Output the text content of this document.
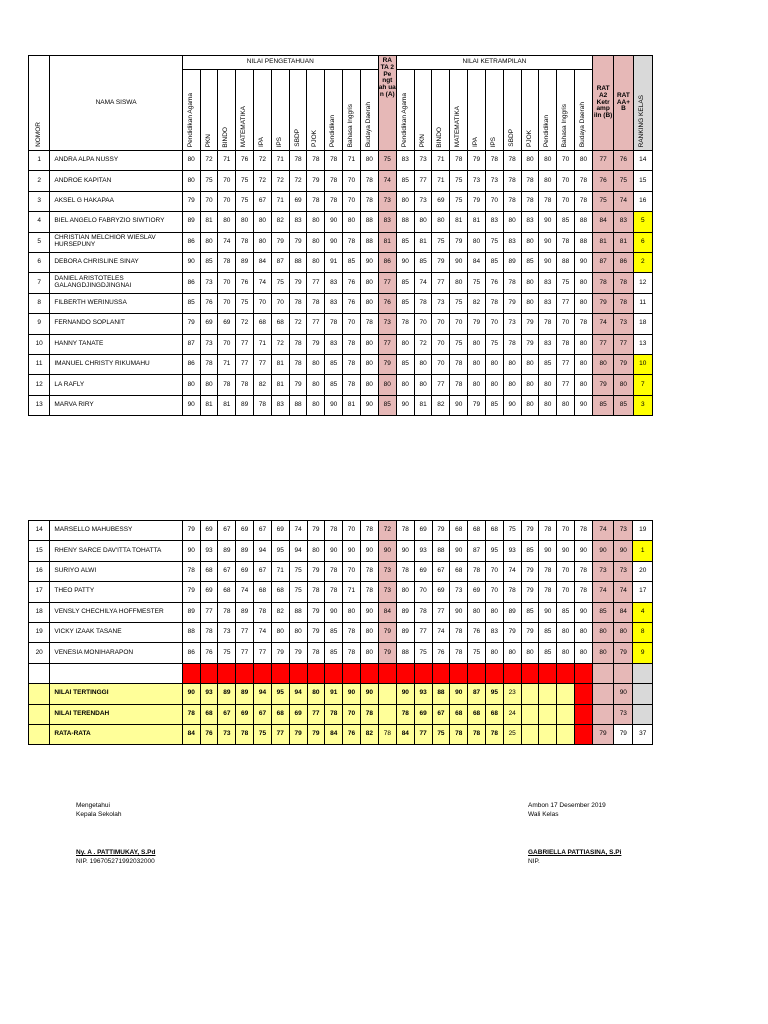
NOMOR	NAMA SISWA	NILAI PENGETAHUAN											RA TA 2 Pe ngt ah ua n (A)	NILAI KETRAMPILAN											RAT A2 Ketr amp iln (B)	RAT AA+ B	RANKING KELAS
		Pendidikan Agama	PKN	BINDO	MATEMATIKA	IPA	IPS	SBDP	PJOK	Pendidikan	Bahasa Inggris	Budaya Daerah		Pendidikan Agama	PKN	BINDO	MATEMATIKA	IPA	IPS	SBDP	PJOK	Pendidikan	Bahasa Inggris	Budaya Daerah			
1	ANDRA ALPA NUSSY	80	72	71	76	72	71	78	78	78	71	80	75	83	73	71	78	79	78	78	80	80	70	80	77	76	14
2	ANDROE KAPITAN	80	75	70	75	72	72	72	79	78	70	78	74	85	77	71	75	73	73	78	78	80	70	78	76	75	15
3	AKSEL G HAKAPAA	79	70	70	75	67	71	69	78	78	70	78	73	80	73	69	75	79	70	78	78	78	70	78	75	74	16
4	BIEL ANGELO FABRYZIO SIWTIORY	89	81	80	80	80	82	83	80	90	80	88	83	88	80	80	81	81	83	80	83	90	85	88	84	83	5
5	CHRISTIAN MELCHIOR WIESLAV HURSEPUNY	86	80	74	78	80	79	79	80	90	78	88	81	85	81	75	79	80	75	83	80	90	78	88	81	81	6
6	DEBORA CHRISLINE SINAY	90	85	78	89	84	87	88	80	91	85	90	86	90	85	79	90	84	85	89	85	90	88	90	87	86	2
7	DANIEL ARISTOTELES GALANGDJINGDJINGNAI	86	73	70	76	74	75	79	77	83	76	80	77	85	74	77	80	75	76	78	80	83	75	80	78	78	12
8	FILBERTH WERINUSSA	85	76	70	75	70	70	78	78	83	76	80	76	85	78	73	75	82	78	79	80	83	77	80	79	78	11
9	FERNANDO SOPLANIT	79	69	69	72	68	68	72	77	78	70	78	73	78	70	70	70	79	70	73	79	78	70	78	74	73	18
10	HANNY TANATE	87	73	70	77	71	72	78	79	83	78	80	77	80	72	70	75	80	75	78	79	83	78	80	77	77	13
11	IMANUEL CHRISTY RIKUMAHU	86	78	71	77	77	81	78	80	85	78	80	79	85	80	70	78	80	80	80	80	85	77	80	80	79	10
12	LA RAFLY	80	80	78	78	82	81	79	80	85	78	80	80	80	80	77	78	80	80	80	80	80	77	80	79	80	7
13	MARVA RIRY	90	81	81	89	78	83	88	80	90	81	90	85	90	81	82	90	79	85	90	80	80	80	90	85	85	3
14	MARSELLO MAHUBESSY	79	69	67	69	67	69	74	79	78	70	78	72	78	69	79	68	68	68	75	79	78	70	78	74	73	19
15	RHENY SARCE DAV'ITTA TOHATTA	90	93	89	89	94	95	94	80	90	90	90	90	90	93	88	90	87	95	93	85	90	90	90	90	90	1
16	SURIYO ALWI	78	68	67	69	67	71	75	79	78	70	78	73	78	69	67	68	78	70	74	79	78	70	78	73	73	20
17	THEO PATTY	79	69	68	74	68	68	75	78	78	71	78	73	80	70	69	73	69	70	78	79	78	70	78	74	74	17
18	VENSLY CHECHILYA HOFFMESTER	89	77	78	89	78	82	88	79	90	80	90	84	89	78	77	90	80	80	89	85	90	85	90	85	84	4
19	VICKY IZAAK TASANE	88	78	73	77	74	80	80	79	85	78	80	79	89	77	74	78	76	83	79	79	85	80	80	80	80	8
20	VENESIA MONIHARAPON	86	76	75	77	77	79	79	78	85	78	80	79	88	75	76	78	75	80	80	80	85	80	80	80	79	9

	NILAI TERTINGGI	90	93	89	89	94	95	94	80	91	90	90		90	93	88	90	87	95	23						90	
	NILAI TERENDAH	78	68	67	69	67	68	69	77	78	70	78		78	69	67	68	68	68	24						73	
	RATA-RATA	84	76	73	78	75	77	79	79	84	76	82	78	84	77	75	78	78	78	25					79	79	37
Mengetahui
Kepala Sekolah
Ny. A . PATTIMUKAY, S.Pd
NIP. 196705271992032000
Ambon 17 Desember 2019
Wali Kelas
GABRIELLA PATTIASINA, S.Pi
NIP.
